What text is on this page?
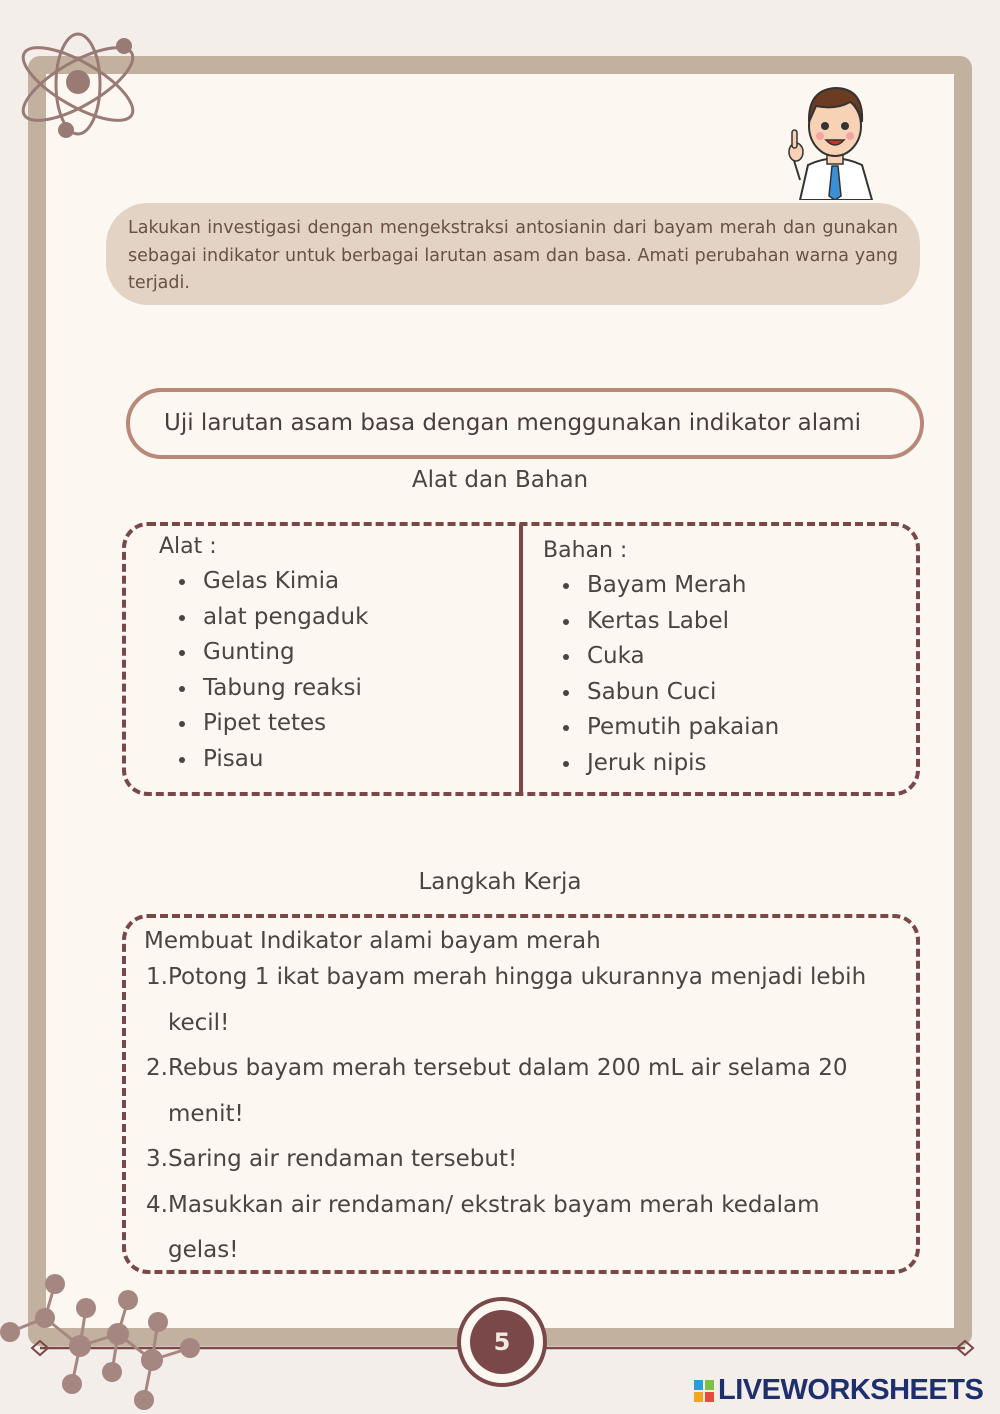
Lakukan investigasi dengan mengekstraksi antosianin dari bayam merah dan gunakan sebagai indikator untuk berbagai larutan asam dan basa. Amati perubahan warna yang terjadi.
Uji larutan asam basa dengan menggunakan indikator alami
Alat dan Bahan
Alat :
Gelas Kimia
alat pengaduk
Gunting
Tabung reaksi
Pipet tetes
Pisau
Bahan :
Bayam Merah
Kertas Label
Cuka
Sabun Cuci
Pemutih pakaian
Jeruk nipis
Langkah Kerja
Membuat Indikator alami bayam merah
1. Potong 1 ikat bayam merah hingga ukurannya menjadi lebih kecil!
2. Rebus bayam merah tersebut dalam 200 mL air selama 20 menit!
3. Saring air rendaman tersebut!
4. Masukkan air rendaman/ ekstrak bayam merah kedalam gelas!
5
LIVEWORKSHEETS
